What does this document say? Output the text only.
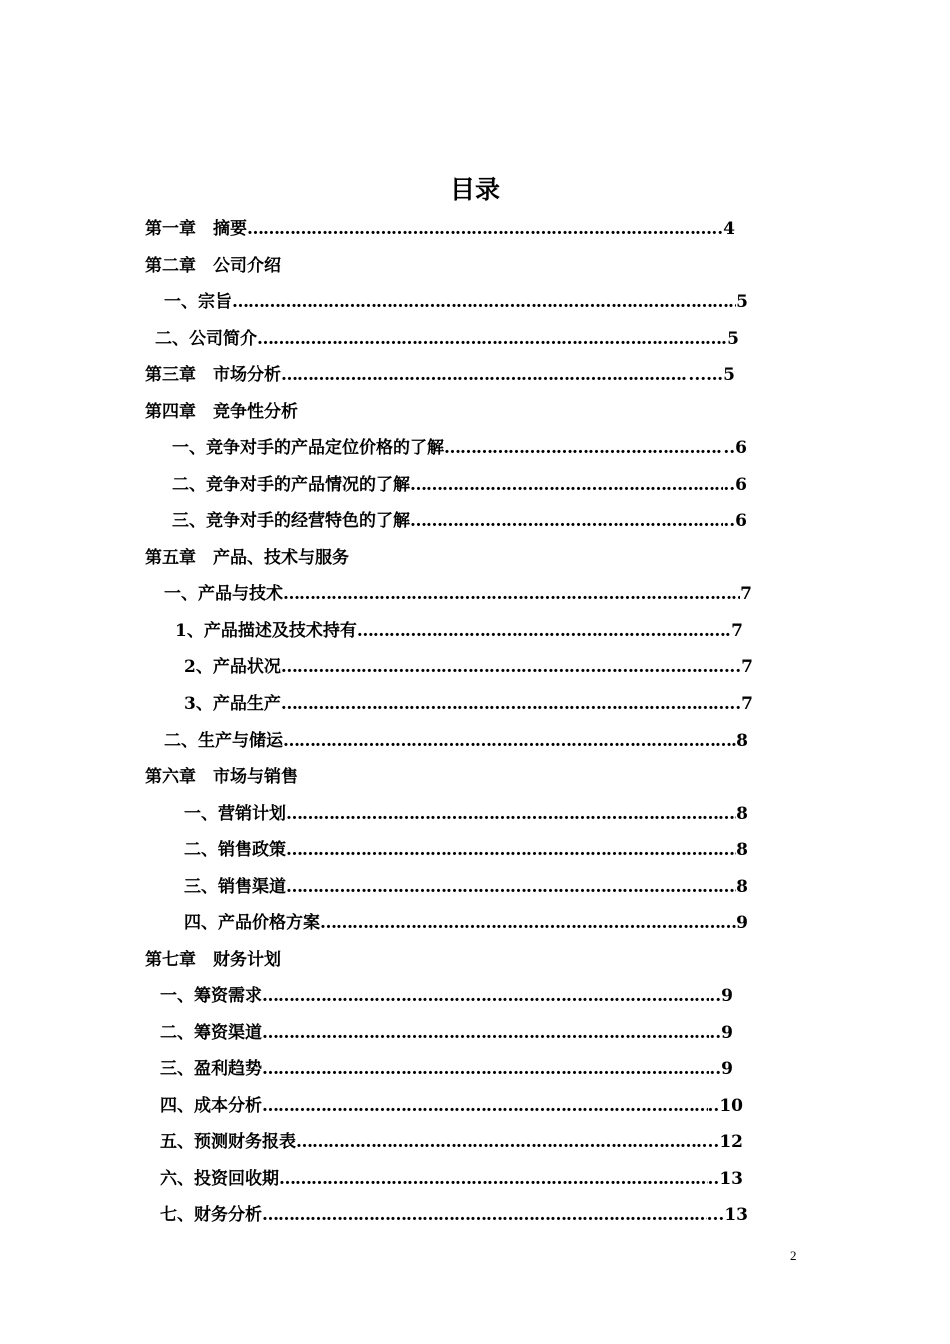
目录
第一章　摘要 ………………………………………………………………………………………………………………………………	..4
第二章　公司介绍
一、宗旨 ………………………………………………………………………………………………………………………………	5
二、公司简介 ………………………………………………………………………………………………………………………………	5
第三章　市场分析 ………………………………………………………………………………………………………………………………	...…5
第四章　竞争性分析
一、竞争对手的产品定位价格的了解 ………………………………………………………………………………………………………………………………	..6
二、竞争对手的产品情况的了解 ………………………………………………………………………………………………………………………………	..6
三、竞争对手的经营特色的了解 ………………………………………………………………………………………………………………………………	..6
第五章　产品、技术与服务
一、产品与技术 ………………………………………………………………………………………………………………………………	7
1、产品描述及技术持有 ………………………………………………………………………………………………………………………………	7
2、产品状况 ………………………………………………………………………………………………………………………………	..7
3、产品生产 ………………………………………………………………………………………………………………………………	..7
二、生产与储运 ………………………………………………………………………………………………………………………………	8
第六章　市场与销售
一、营销计划 ………………………………………………………………………………………………………………………………	8
二、销售政策 ………………………………………………………………………………………………………………………………	8
三、销售渠道 ………………………………………………………………………………………………………………………………	8
四、产品价格方案 ………………………………………………………………………………………………………………………………	9
第七章　财务计划
一、筹资需求 ………………………………………………………………………………………………………………………………	..9
二、筹资渠道 ………………………………………………………………………………………………………………………………	..9
三、盈利趋势 ………………………………………………………………………………………………………………………………	..9
四、成本分析 ………………………………………………………………………………………………………………………………	..10
五、预测财务报表 ………………………………………………………………………………………………………………………………	..12
六、投资回收期 ………………………………………………………………………………………………………………………………	..13
七、财务分析 ………………………………………………………………………………………………………………………………	...13
2
